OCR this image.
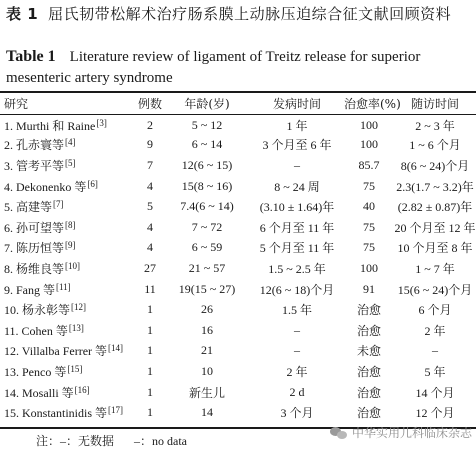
表 1 屈氏韧带松解术治疗肠系膜上动脉压迫综合征文献回顾资料
Table 1 Literature review of ligament of Treitz release for superior mesenteric artery syndrome
研究	例数	年龄(岁)	发病时间	治愈率(%)	随访时间
1. Murthi 和 Raine[3]	2	5 ~ 12	1 年	100	2 ~ 3 年
2. 孔赤寰等[4]	9	6 ~ 14	3 个月至 6 年	100	1 ~ 6 个月
3. 管考平等[5]	7	12(6 ~ 15)	–	85.7	8(6 ~ 24)个月
4. Dekonenko 等[6]	4	15(8 ~ 16)	8 ~ 24 周	75	2.3(1.7 ~ 3.2)年
5. 高建等[7]	5	7.4(6 ~ 14)	(3.10 ± 1.64)年	40	(2.82 ± 0.87)年
6. 孙可望等[8]	4	7 ~ 72	6 个月至 11 年	75	20 个月至 12 年
7. 陈历恒等[9]	4	6 ~ 59	5 个月至 11 年	75	10 个月至 8 年
8. 杨维良等[10]	27	21 ~ 57	1.5 ~ 2.5 年	100	1 ~ 7 年
9. Fang 等[11]	11	19(15 ~ 27)	12(6 ~ 18)个月	91	15(6 ~ 24)个月
10. 杨永彰等[12]	1	26	1.5 年	治愈	6 个月
11. Cohen 等[13]	1	16	–	治愈	2 年
12. Villalba Ferrer 等[14]	1	21	–	未愈	–
13. Penco 等[15]	1	10	2 年	治愈	5 年
14. Mosalli 等[16]	1	新生儿	2 d	治愈	14 个月
15. Konstantinidis 等[17]	1	14	3 个月	治愈	12 个月
注：–：无数据 –：no data
中华实用儿科临床杂志
